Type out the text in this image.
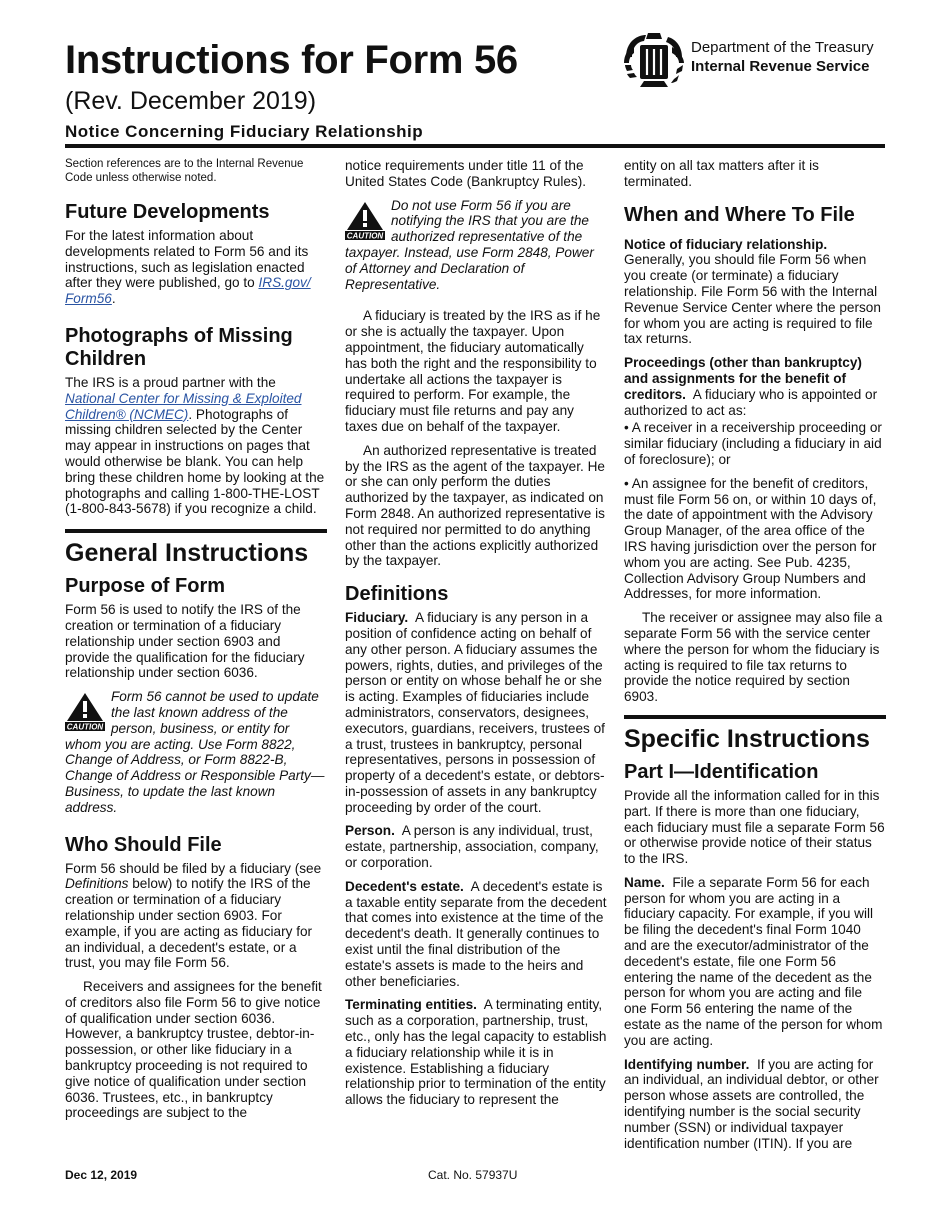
Instructions for Form 56
(Rev. December 2019)
Notice Concerning Fiduciary Relationship
Department of the Treasury
Internal Revenue Service

Section references are to the Internal Revenue Code unless otherwise noted.

Future Developments

For the latest information about developments related to Form 56 and its instructions, such as legislation enacted after they were published, go to IRS.gov/ Form56.

Photographs of Missing Children

The IRS is a proud partner with the National Center for Missing & Exploited Children® (NCMEC). Photographs of missing children selected by the Center may appear in instructions on pages that would otherwise be blank. You can help bring these children home by looking at the photographs and calling 1-800-THE-LOST (1-800-843-5678) if you recognize a child.

General Instructions
Purpose of Form

Form 56 is used to notify the IRS of the creation or termination of a fiduciary relationship under section 6903 and provide the qualification for the fiduciary relationship under section 6036.

CAUTION
Form 56 cannot be used to update the last known address of the person, business, or entity for whom you are acting. Use Form 8822, Change of Address, or Form 8822-B, Change of Address or Responsible Party—Business, to update the last known address.
Who Should File

Form 56 should be filed by a fiduciary (see Definitions below) to notify the IRS of the creation or termination of a fiduciary relationship under section 6903. For example, if you are acting as fiduciary for an individual, a decedent's estate, or a trust, you may file Form 56.

Receivers and assignees for the benefit of creditors also file Form 56 to give notice of qualification under section 6036. However, a bankruptcy trustee, debtor-in-possession, or other like fiduciary in a bankruptcy proceeding is not required to give notice of qualification under section 6036. Trustees, etc., in bankruptcy proceedings are subject to the

notice requirements under title 11 of the United States Code (Bankruptcy Rules).

CAUTION
Do not use Form 56 if you are notifying the IRS that you are the authorized representative of the taxpayer. Instead, use Form 2848, Power of Attorney and Declaration of Representative.

A fiduciary is treated by the IRS as if he or she is actually the taxpayer. Upon appointment, the fiduciary automatically has both the right and the responsibility to undertake all actions the taxpayer is required to perform. For example, the fiduciary must file returns and pay any taxes due on behalf of the taxpayer.

An authorized representative is treated by the IRS as the agent of the taxpayer. He or she can only perform the duties authorized by the taxpayer, as indicated on Form 2848. An authorized representative is not required nor permitted to do anything other than the actions explicitly authorized by the taxpayer.

Definitions

Fiduciary. A fiduciary is any person in a position of confidence acting on behalf of any other person. A fiduciary assumes the powers, rights, duties, and privileges of the person or entity on whose behalf he or she is acting. Examples of fiduciaries include administrators, conservators, designees, executors, guardians, receivers, trustees of a trust, trustees in bankruptcy, personal representatives, persons in possession of property of a decedent's estate, or debtors-in-possession of assets in any bankruptcy proceeding by order of the court.

Person. A person is any individual, trust, estate, partnership, association, company, or corporation.

Decedent's estate. A decedent's estate is a taxable entity separate from the decedent that comes into existence at the time of the decedent's death. It generally continues to exist until the final distribution of the estate's assets is made to the heirs and other beneficiaries.

Terminating entities. A terminating entity, such as a corporation, partnership, trust, etc., only has the legal capacity to establish a fiduciary relationship while it is in existence. Establishing a fiduciary relationship prior to termination of the entity allows the fiduciary to represent the

entity on all tax matters after it is terminated.

When and Where To File

Notice of fiduciary relationship. Generally, you should file Form 56 when you create (or terminate) a fiduciary relationship. File Form 56 with the Internal Revenue Service Center where the person for whom you are acting is required to file tax returns.

Proceedings (other than bankruptcy) and assignments for the benefit of creditors. A fiduciary who is appointed or authorized to act as:

• A receiver in a receivership proceeding or similar fiduciary (including a fiduciary in aid of foreclosure); or

• An assignee for the benefit of creditors, must file Form 56 on, or within 10 days of, the date of appointment with the Advisory Group Manager, of the area office of the IRS having jurisdiction over the person for whom you are acting. See Pub. 4235, Collection Advisory Group Numbers and Addresses, for more information.

The receiver or assignee may also file a separate Form 56 with the service center where the person for whom the fiduciary is acting is required to file tax returns to provide the notice required by section 6903.

Specific Instructions
Part I—Identification

Provide all the information called for in this part. If there is more than one fiduciary, each fiduciary must file a separate Form 56 or otherwise provide notice of their status to the IRS.

Name. File a separate Form 56 for each person for whom you are acting in a fiduciary capacity. For example, if you will be filing the decedent's final Form 1040 and are the executor/administrator of the decedent's estate, file one Form 56 entering the name of the decedent as the person for whom you are acting and file one Form 56 entering the name of the estate as the name of the person for whom you are acting.

Identifying number. If you are acting for an individual, an individual debtor, or other person whose assets are controlled, the identifying number is the social security number (SSN) or individual taxpayer identification number (ITIN). If you are

Dec 12, 2019	Cat. No. 57937U
